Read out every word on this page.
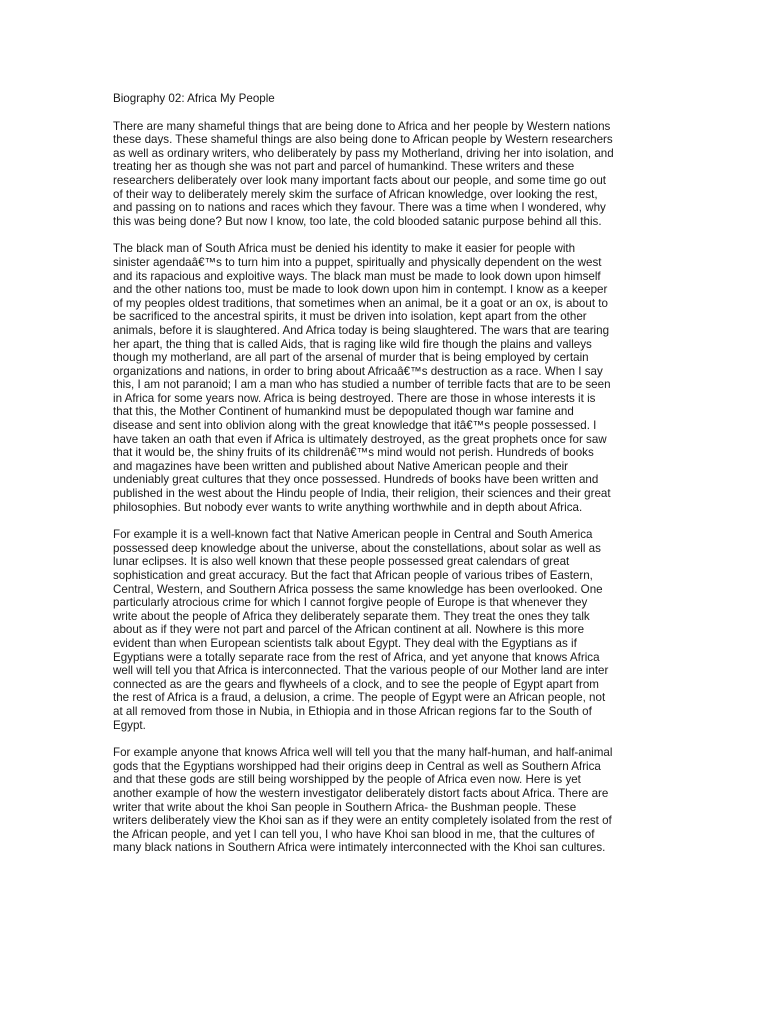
Biography 02: Africa My People

There are many shameful things that are being done to Africa and her people by Western nations
these days. These shameful things are also being done to African people by Western researchers
as well as ordinary writers, who deliberately by pass my Motherland, driving her into isolation, and
treating her as though she was not part and parcel of humankind. These writers and these
researchers deliberately over look many important facts about our people, and some time go out
of their way to deliberately merely skim the surface of African knowledge, over looking the rest,
and passing on to nations and races which they favour. There was a time when I wondered, why
this was being done? But now I know, too late, the cold blooded satanic purpose behind all this.

The black man of South Africa must be denied his identity to make it easier for people with
sinister agendaâ€™s to turn him into a puppet, spiritually and physically dependent on the west
and its rapacious and exploitive ways. The black man must be made to look down upon himself
and the other nations too, must be made to look down upon him in contempt. I know as a keeper
of my peoples oldest traditions, that sometimes when an animal, be it a goat or an ox, is about to
be sacrificed to the ancestral spirits, it must be driven into isolation, kept apart from the other
animals, before it is slaughtered. And Africa today is being slaughtered. The wars that are tearing
her apart, the thing that is called Aids, that is raging like wild fire though the plains and valleys
though my motherland, are all part of the arsenal of murder that is being employed by certain
organizations and nations, in order to bring about Africaâ€™s destruction as a race. When I say
this, I am not paranoid; I am a man who has studied a number of terrible facts that are to be seen
in Africa for some years now. Africa is being destroyed. There are those in whose interests it is
that this, the Mother Continent of humankind must be depopulated though war famine and
disease and sent into oblivion along with the great knowledge that itâ€™s people possessed. I
have taken an oath that even if Africa is ultimately destroyed, as the great prophets once for saw
that it would be, the shiny fruits of its childrenâ€™s mind would not perish. Hundreds of books
and magazines have been written and published about Native American people and their
undeniably great cultures that they once possessed. Hundreds of books have been written and
published in the west about the Hindu people of India, their religion, their sciences and their great
philosophies. But nobody ever wants to write anything worthwhile and in depth about Africa.

For example it is a well-known fact that Native American people in Central and South America
possessed deep knowledge about the universe, about the constellations, about solar as well as
lunar eclipses. It is also well known that these people possessed great calendars of great
sophistication and great accuracy. But the fact that African people of various tribes of Eastern,
Central, Western, and Southern Africa possess the same knowledge has been overlooked. One
particularly atrocious crime for which I cannot forgive people of Europe is that whenever they
write about the people of Africa they deliberately separate them. They treat the ones they talk
about as if they were not part and parcel of the African continent at all. Nowhere is this more
evident than when European scientists talk about Egypt. They deal with the Egyptians as if
Egyptians were a totally separate race from the rest of Africa, and yet anyone that knows Africa
well will tell you that Africa is interconnected. That the various people of our Mother land are inter
connected as are the gears and flywheels of a clock, and to see the people of Egypt apart from
the rest of Africa is a fraud, a delusion, a crime. The people of Egypt were an African people, not
at all removed from those in Nubia, in Ethiopia and in those African regions far to the South of
Egypt.

For example anyone that knows Africa well will tell you that the many half-human, and half-animal
gods that the Egyptians worshipped had their origins deep in Central as well as Southern Africa
and that these gods are still being worshipped by the people of Africa even now. Here is yet
another example of how the western investigator deliberately distort facts about Africa. There are
writer that write about the khoi San people in Southern Africa- the Bushman people. These
writers deliberately view the Khoi san as if they were an entity completely isolated from the rest of
the African people, and yet I can tell you, I who have Khoi san blood in me, that the cultures of
many black nations in Southern Africa were intimately interconnected with the Khoi san cultures.
